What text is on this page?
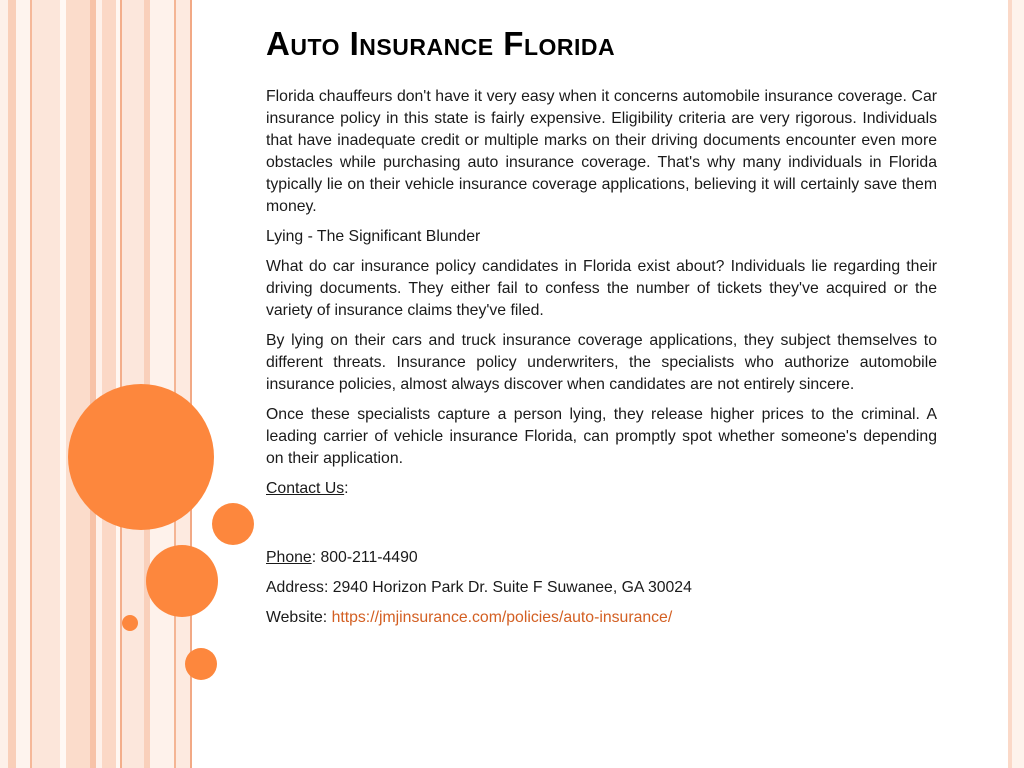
Auto Insurance Florida

Florida chauffeurs don't have it very easy when it concerns automobile insurance coverage. Car insurance policy in this state is fairly expensive. Eligibility criteria are very rigorous. Individuals that have inadequate credit or multiple marks on their driving documents encounter even more obstacles while purchasing auto insurance coverage. That's why many individuals in Florida typically lie on their vehicle insurance coverage applications, believing it will certainly save them money.

Lying - The Significant Blunder

What do car insurance policy candidates in Florida exist about? Individuals lie regarding their driving documents. They either fail to confess the number of tickets they've acquired or the variety of insurance claims they've filed.

By lying on their cars and truck insurance coverage applications, they subject themselves to different threats. Insurance policy underwriters, the specialists who authorize automobile insurance policies, almost always discover when candidates are not entirely sincere.

Once these specialists capture a person lying, they release higher prices to the criminal. A leading carrier of vehicle insurance Florida, can promptly spot whether someone's depending on their application.

Contact Us:

Phone: 800-211-4490

Address: 2940 Horizon Park Dr. Suite F Suwanee, GA 30024

Website: https://jmjinsurance.com/policies/auto-insurance/
